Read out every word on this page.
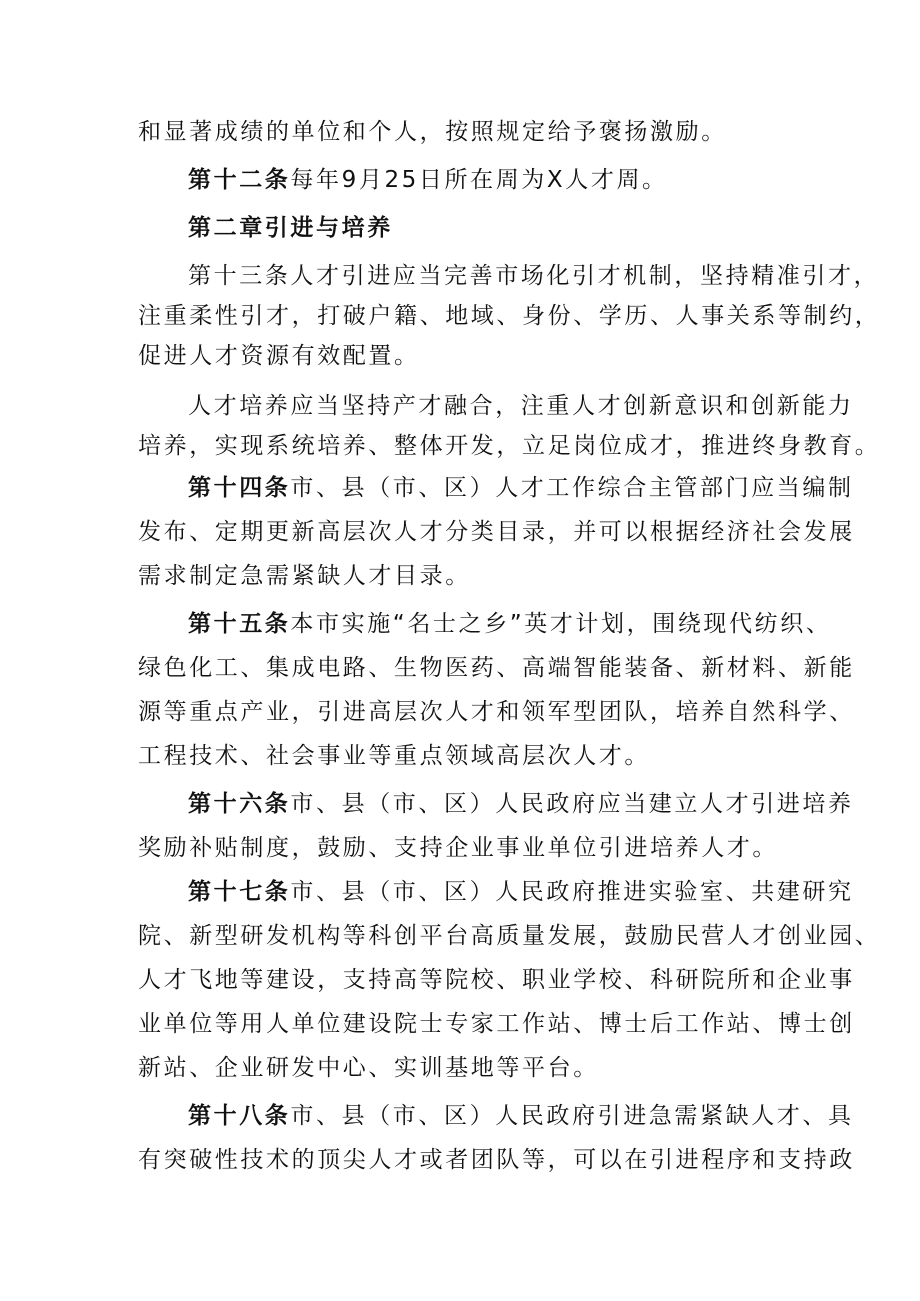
和显著成绩的单位和个人，按照规定给予褒扬激励。
第十二条每年9月25日所在周为X人才周。
第二章引进与培养
第十三条人才引进应当完善市场化引才机制，坚持精准引才，
注重柔性引才，打破户籍、地域、身份、学历、人事关系等制约，
促进人才资源有效配置。
人才培养应当坚持产才融合，注重人才创新意识和创新能力
培养，实现系统培养、整体开发，立足岗位成才，推进终身教育。
第十四条市、县（市、区）人才工作综合主管部门应当编制
发布、定期更新高层次人才分类目录，并可以根据经济社会发展
需求制定急需紧缺人才目录。
第十五条本市实施“名士之乡”英才计划，围绕现代纺织、
绿色化工、集成电路、生物医药、高端智能装备、新材料、新能
源等重点产业，引进高层次人才和领军型团队，培养自然科学、
工程技术、社会事业等重点领域高层次人才。
第十六条市、县（市、区）人民政府应当建立人才引进培养
奖励补贴制度，鼓励、支持企业事业单位引进培养人才。
第十七条市、县（市、区）人民政府推进实验室、共建研究
院、新型研发机构等科创平台高质量发展，鼓励民营人才创业园、
人才飞地等建设，支持高等院校、职业学校、科研院所和企业事
业单位等用人单位建设院士专家工作站、博士后工作站、博士创
新站、企业研发中心、实训基地等平台。
第十八条市、县（市、区）人民政府引进急需紧缺人才、具
有突破性技术的顶尖人才或者团队等，可以在引进程序和支持政
